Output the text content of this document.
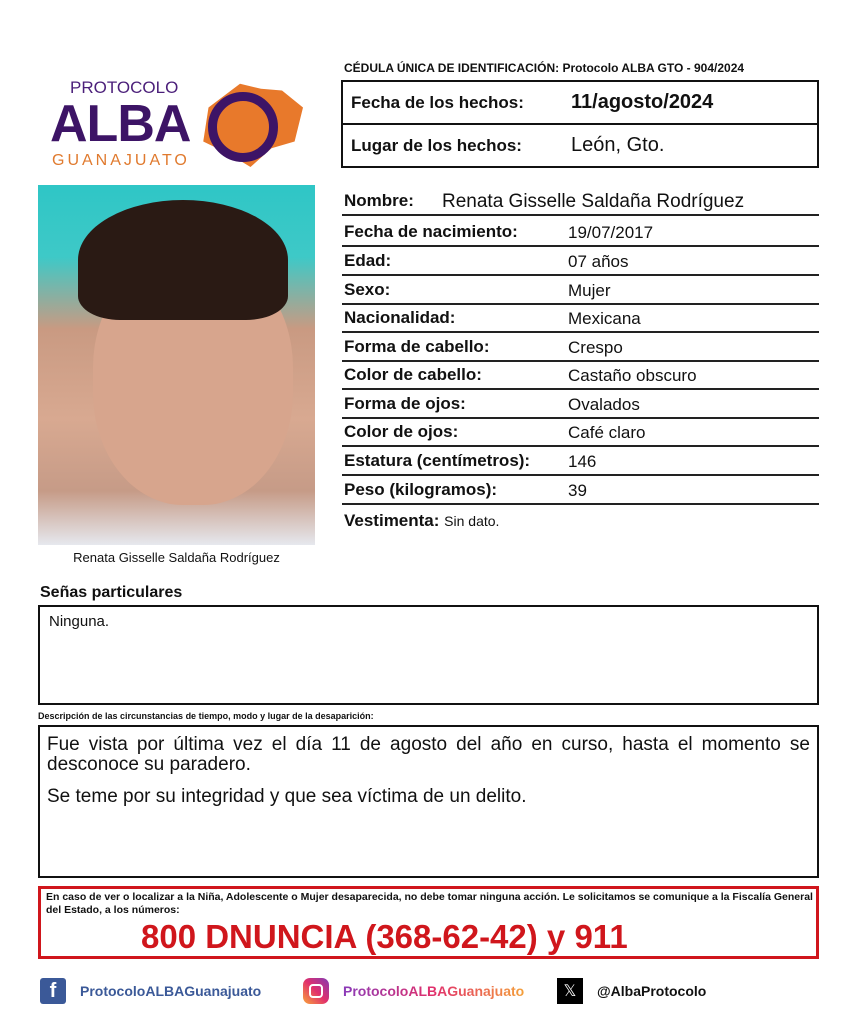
PROTOCOLO
ALBA
GUANAJUATO
Renata Gisselle Saldaña Rodríguez
CÉDULA ÚNICA DE IDENTIFICACIÓN: Protocolo ALBA GTO - 904/2024
Fecha de los hechos: 11/agosto/2024
Lugar de los hechos: León, Gto.
Nombre: Renata Gisselle Saldaña Rodríguez
Fecha de nacimiento:	19/07/2017
Edad:	07 años
Sexo:	Mujer
Nacionalidad:	Mexicana
Forma de cabello:	Crespo
Color de cabello:	Castaño obscuro
Forma de ojos:	Ovalados
Color de ojos:	Café claro
Estatura (centímetros): 146
Peso (kilogramos):	39
Vestimenta: Sin dato.
Señas particulares
Ninguna.
Descripción de las circunstancias de tiempo, modo y lugar de la desaparición:

Fue vista por última vez el día 11 de agosto del año en curso, hasta el momento se desconoce su paradero.

Se teme por su integridad y que sea víctima de un delito.

En caso de ver o localizar a la Niña, Adolescente o Mujer desaparecida, no debe tomar ninguna acción. Le solicitamos se comunique a la Fiscalía General del Estado, a los números:
800 DNUNCIA (368-62-42) y 911
f	ProtocoloALBAGuanajuato	ProtocoloALBAGuanajuato	𝕏	@AlbaProtocolo
